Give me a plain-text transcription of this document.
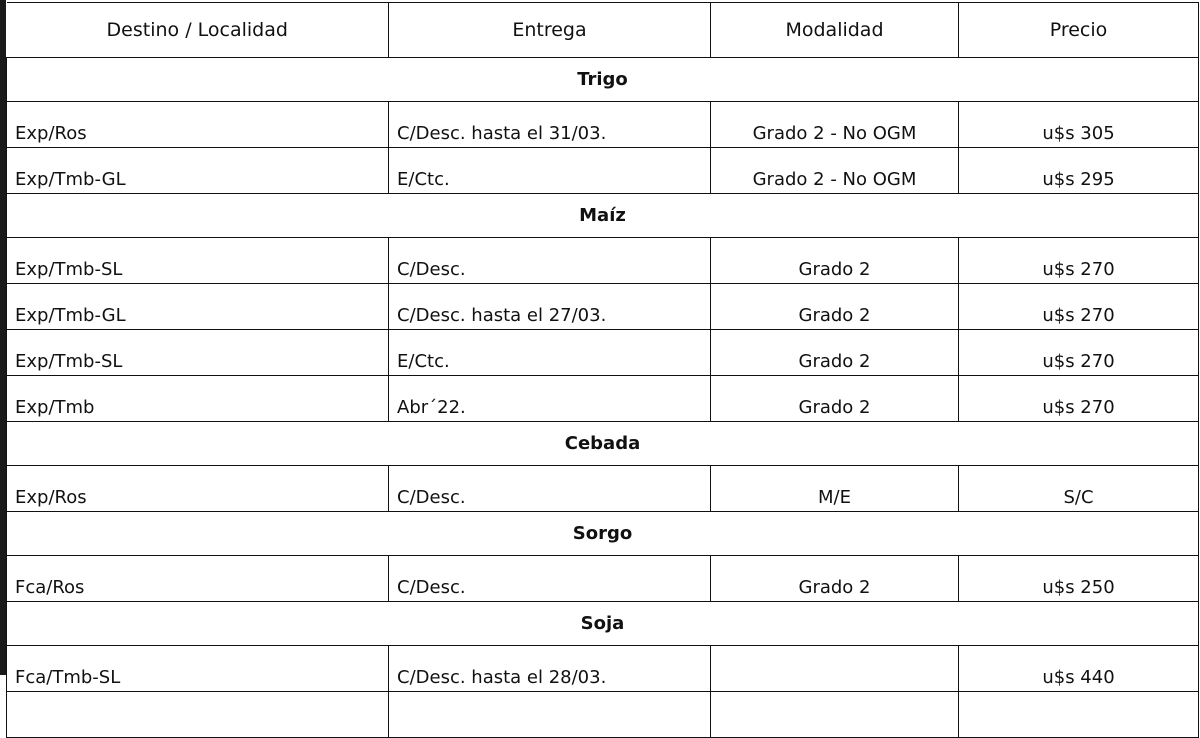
Destino / Localidad	Entrega	Modalidad	Precio
Trigo			
Exp/Ros	C/Desc. hasta el 31/03.	Grado 2 - No OGM	u$s 305
Exp/Tmb-GL	E/Ctc.	Grado 2 - No OGM	u$s 295
Maíz			
Exp/Tmb-SL	C/Desc.	Grado 2	u$s 270
Exp/Tmb-GL	C/Desc. hasta el 27/03.	Grado 2	u$s 270
Exp/Tmb-SL	E/Ctc.	Grado 2	u$s 270
Exp/Tmb	Abr´22.	Grado 2	u$s 270
Cebada			
Exp/Ros	C/Desc.	M/E	S/C
Sorgo			
Fca/Ros	C/Desc.	Grado 2	u$s 250
Soja			
Fca/Tmb-SL	C/Desc. hasta el 28/03.		u$s 440
